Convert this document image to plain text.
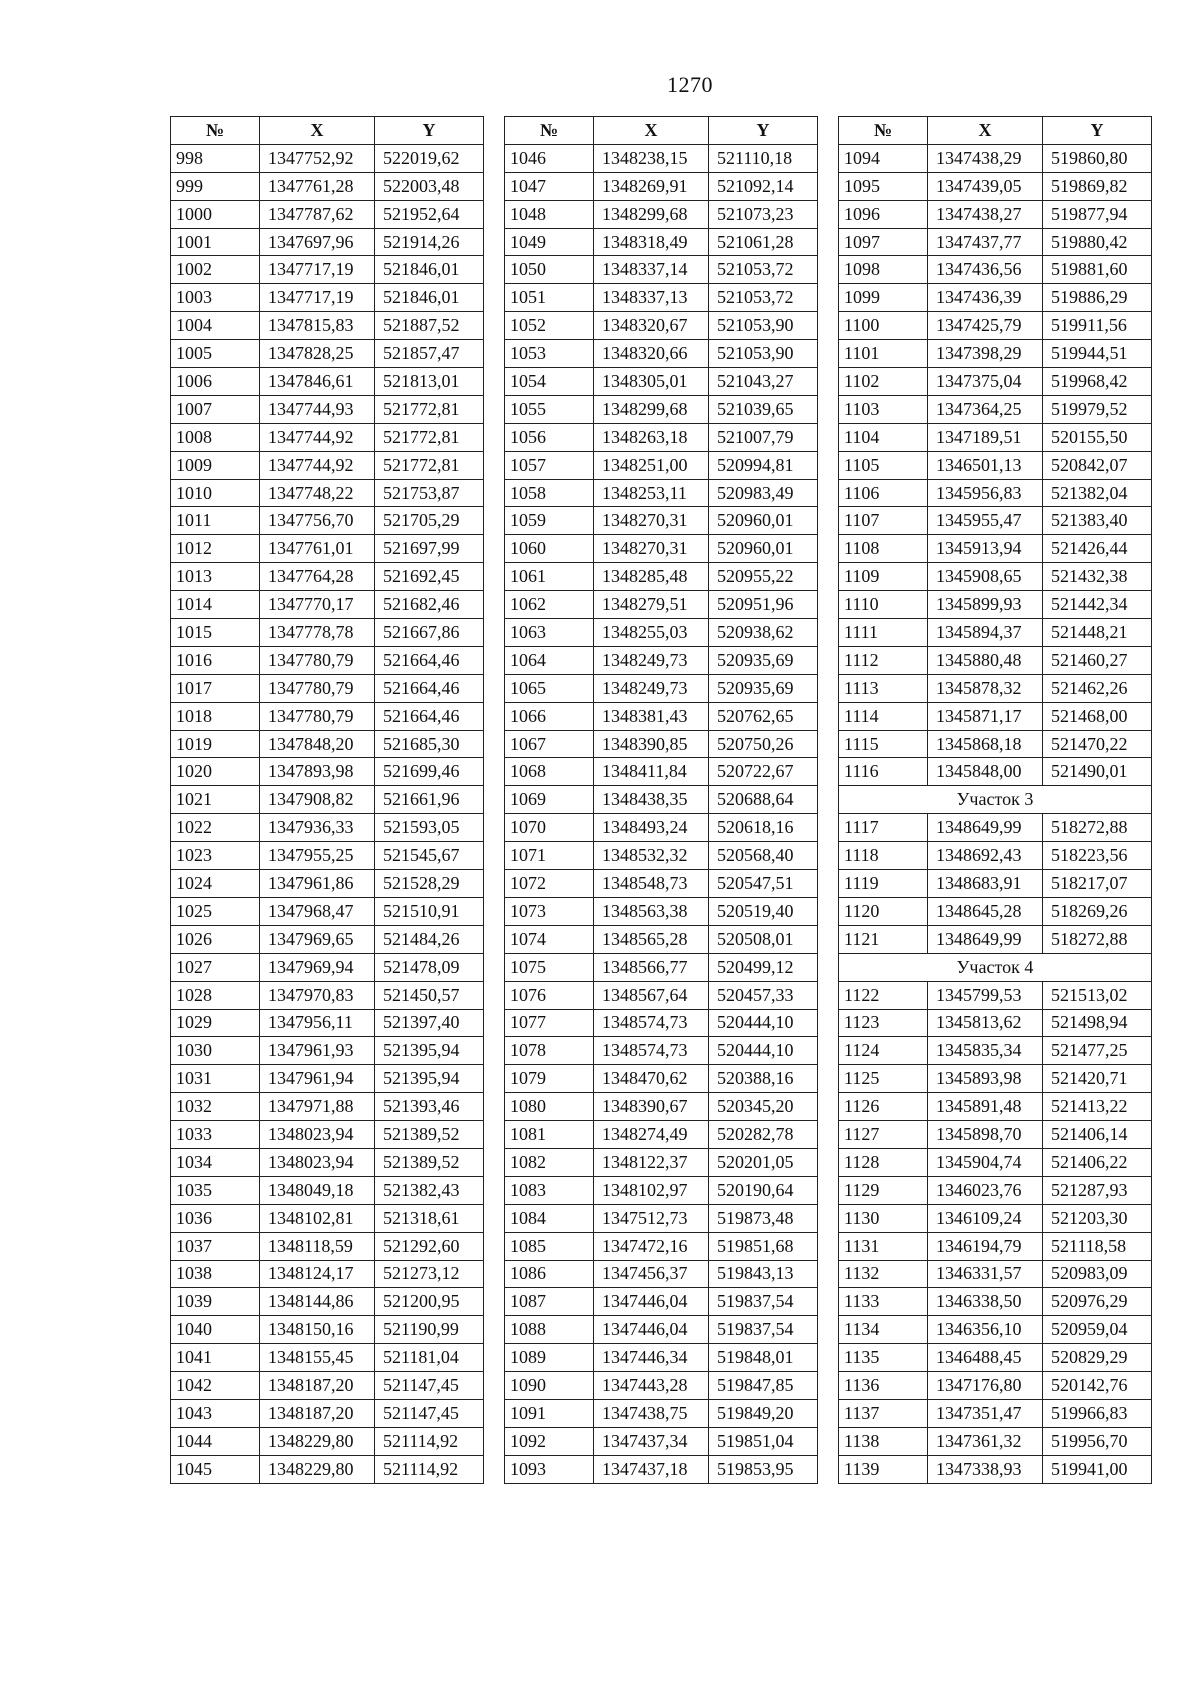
1270
№	X	Y
998	1347752,92	522019,62
999	1347761,28	522003,48
1000	1347787,62	521952,64
1001	1347697,96	521914,26
1002	1347717,19	521846,01
1003	1347717,19	521846,01
1004	1347815,83	521887,52
1005	1347828,25	521857,47
1006	1347846,61	521813,01
1007	1347744,93	521772,81
1008	1347744,92	521772,81
1009	1347744,92	521772,81
1010	1347748,22	521753,87
1011	1347756,70	521705,29
1012	1347761,01	521697,99
1013	1347764,28	521692,45
1014	1347770,17	521682,46
1015	1347778,78	521667,86
1016	1347780,79	521664,46
1017	1347780,79	521664,46
1018	1347780,79	521664,46
1019	1347848,20	521685,30
1020	1347893,98	521699,46
1021	1347908,82	521661,96
1022	1347936,33	521593,05
1023	1347955,25	521545,67
1024	1347961,86	521528,29
1025	1347968,47	521510,91
1026	1347969,65	521484,26
1027	1347969,94	521478,09
1028	1347970,83	521450,57
1029	1347956,11	521397,40
1030	1347961,93	521395,94
1031	1347961,94	521395,94
1032	1347971,88	521393,46
1033	1348023,94	521389,52
1034	1348023,94	521389,52
1035	1348049,18	521382,43
1036	1348102,81	521318,61
1037	1348118,59	521292,60
1038	1348124,17	521273,12
1039	1348144,86	521200,95
1040	1348150,16	521190,99
1041	1348155,45	521181,04
1042	1348187,20	521147,45
1043	1348187,20	521147,45
1044	1348229,80	521114,92
1045	1348229,80	521114,92
№	X	Y
1046	1348238,15	521110,18
1047	1348269,91	521092,14
1048	1348299,68	521073,23
1049	1348318,49	521061,28
1050	1348337,14	521053,72
1051	1348337,13	521053,72
1052	1348320,67	521053,90
1053	1348320,66	521053,90
1054	1348305,01	521043,27
1055	1348299,68	521039,65
1056	1348263,18	521007,79
1057	1348251,00	520994,81
1058	1348253,11	520983,49
1059	1348270,31	520960,01
1060	1348270,31	520960,01
1061	1348285,48	520955,22
1062	1348279,51	520951,96
1063	1348255,03	520938,62
1064	1348249,73	520935,69
1065	1348249,73	520935,69
1066	1348381,43	520762,65
1067	1348390,85	520750,26
1068	1348411,84	520722,67
1069	1348438,35	520688,64
1070	1348493,24	520618,16
1071	1348532,32	520568,40
1072	1348548,73	520547,51
1073	1348563,38	520519,40
1074	1348565,28	520508,01
1075	1348566,77	520499,12
1076	1348567,64	520457,33
1077	1348574,73	520444,10
1078	1348574,73	520444,10
1079	1348470,62	520388,16
1080	1348390,67	520345,20
1081	1348274,49	520282,78
1082	1348122,37	520201,05
1083	1348102,97	520190,64
1084	1347512,73	519873,48
1085	1347472,16	519851,68
1086	1347456,37	519843,13
1087	1347446,04	519837,54
1088	1347446,04	519837,54
1089	1347446,34	519848,01
1090	1347443,28	519847,85
1091	1347438,75	519849,20
1092	1347437,34	519851,04
1093	1347437,18	519853,95
№	X	Y
1094	1347438,29	519860,80
1095	1347439,05	519869,82
1096	1347438,27	519877,94
1097	1347437,77	519880,42
1098	1347436,56	519881,60
1099	1347436,39	519886,29
1100	1347425,79	519911,56
1101	1347398,29	519944,51
1102	1347375,04	519968,42
1103	1347364,25	519979,52
1104	1347189,51	520155,50
1105	1346501,13	520842,07
1106	1345956,83	521382,04
1107	1345955,47	521383,40
1108	1345913,94	521426,44
1109	1345908,65	521432,38
1110	1345899,93	521442,34
1111	1345894,37	521448,21
1112	1345880,48	521460,27
1113	1345878,32	521462,26
1114	1345871,17	521468,00
1115	1345868,18	521470,22
1116	1345848,00	521490,01
Участок 3		
1117	1348649,99	518272,88
1118	1348692,43	518223,56
1119	1348683,91	518217,07
1120	1348645,28	518269,26
1121	1348649,99	518272,88
Участок 4		
1122	1345799,53	521513,02
1123	1345813,62	521498,94
1124	1345835,34	521477,25
1125	1345893,98	521420,71
1126	1345891,48	521413,22
1127	1345898,70	521406,14
1128	1345904,74	521406,22
1129	1346023,76	521287,93
1130	1346109,24	521203,30
1131	1346194,79	521118,58
1132	1346331,57	520983,09
1133	1346338,50	520976,29
1134	1346356,10	520959,04
1135	1346488,45	520829,29
1136	1347176,80	520142,76
1137	1347351,47	519966,83
1138	1347361,32	519956,70
1139	1347338,93	519941,00
